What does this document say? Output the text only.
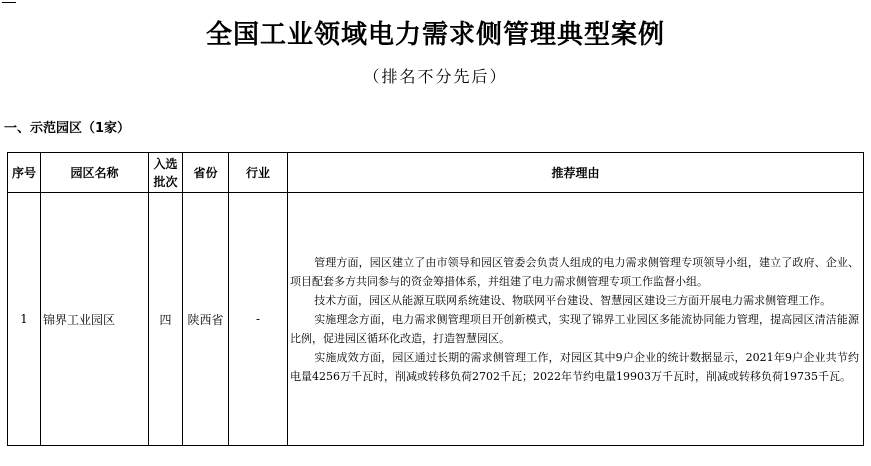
全国工业领域电力需求侧管理典型案例
（排名不分先后）
一、示范园区（1家）
序号	园区名称	入选批次	省份	行业	推荐理由
1	锦界工业园区	四	陕西省	-	管理方面，园区建立了由市领导和园区管委会负责人组成的电力需求侧管理专项领导小组，建立了政府、企业、项目配套多方共同参与的资金筹措体系，并组建了电力需求侧管理专项工作监督小组。

技术方面，园区从能源互联网系统建设、物联网平台建设、智慧园区建设三方面开展电力需求侧管理工作。

实施理念方面，电力需求侧管理项目开创新模式，实现了锦界工业园区多能流协同能力管理，提高园区清洁能源比例，促进园区循环化改造，打造智慧园区。

实施成效方面，园区通过长期的需求侧管理工作，对园区其中9户企业的统计数据显示，2021年9户企业共节约电量4256万千瓦时，削减或转移负荷2702千瓦；2022年节约电量19903万千瓦时，削减或转移负荷19735千瓦。
